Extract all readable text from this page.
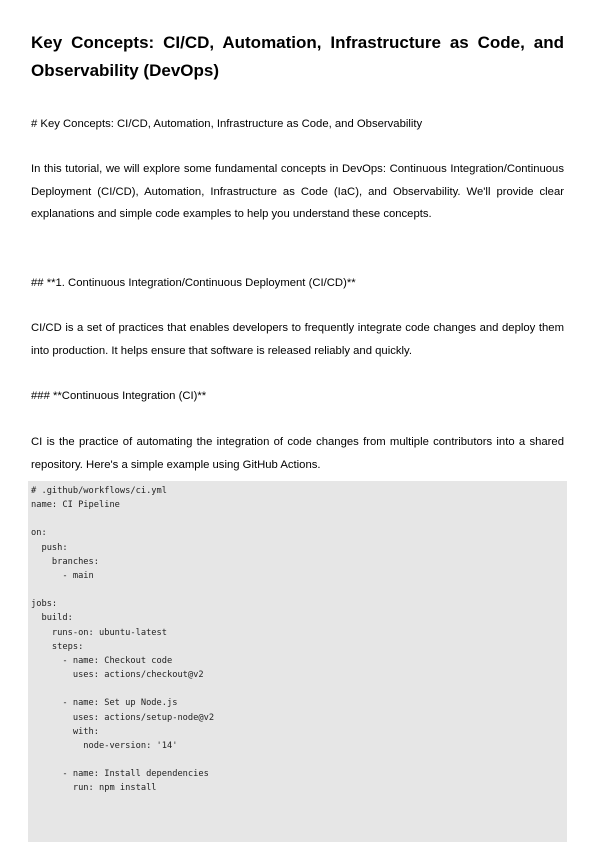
Key Concepts: CI/CD, Automation, Infrastructure as Code, and Observability (DevOps)

# Key Concepts: CI/CD, Automation, Infrastructure as Code, and Observability

In this tutorial, we will explore some fundamental concepts in DevOps: Continuous Integration/Continuous Deployment (CI/CD), Automation, Infrastructure as Code (IaC), and Observability. We'll provide clear explanations and simple code examples to help you understand these concepts.

## **1. Continuous Integration/Continuous Deployment (CI/CD)**

CI/CD is a set of practices that enables developers to frequently integrate code changes and deploy them into production. It helps ensure that software is released reliably and quickly.

### **Continuous Integration (CI)**

CI is the practice of automating the integration of code changes from multiple contributors into a shared repository. Here's a simple example using GitHub Actions.

# .github/workflows/ci.yml
name: CI Pipeline

on:
push:
branches:
- main

jobs:
build:
runs-on: ubuntu-latest
steps:
- name: Checkout code
uses: actions/checkout@v2

- name: Set up Node.js
uses: actions/setup-node@v2
with:
node-version: '14'

- name: Install dependencies
run: npm install
